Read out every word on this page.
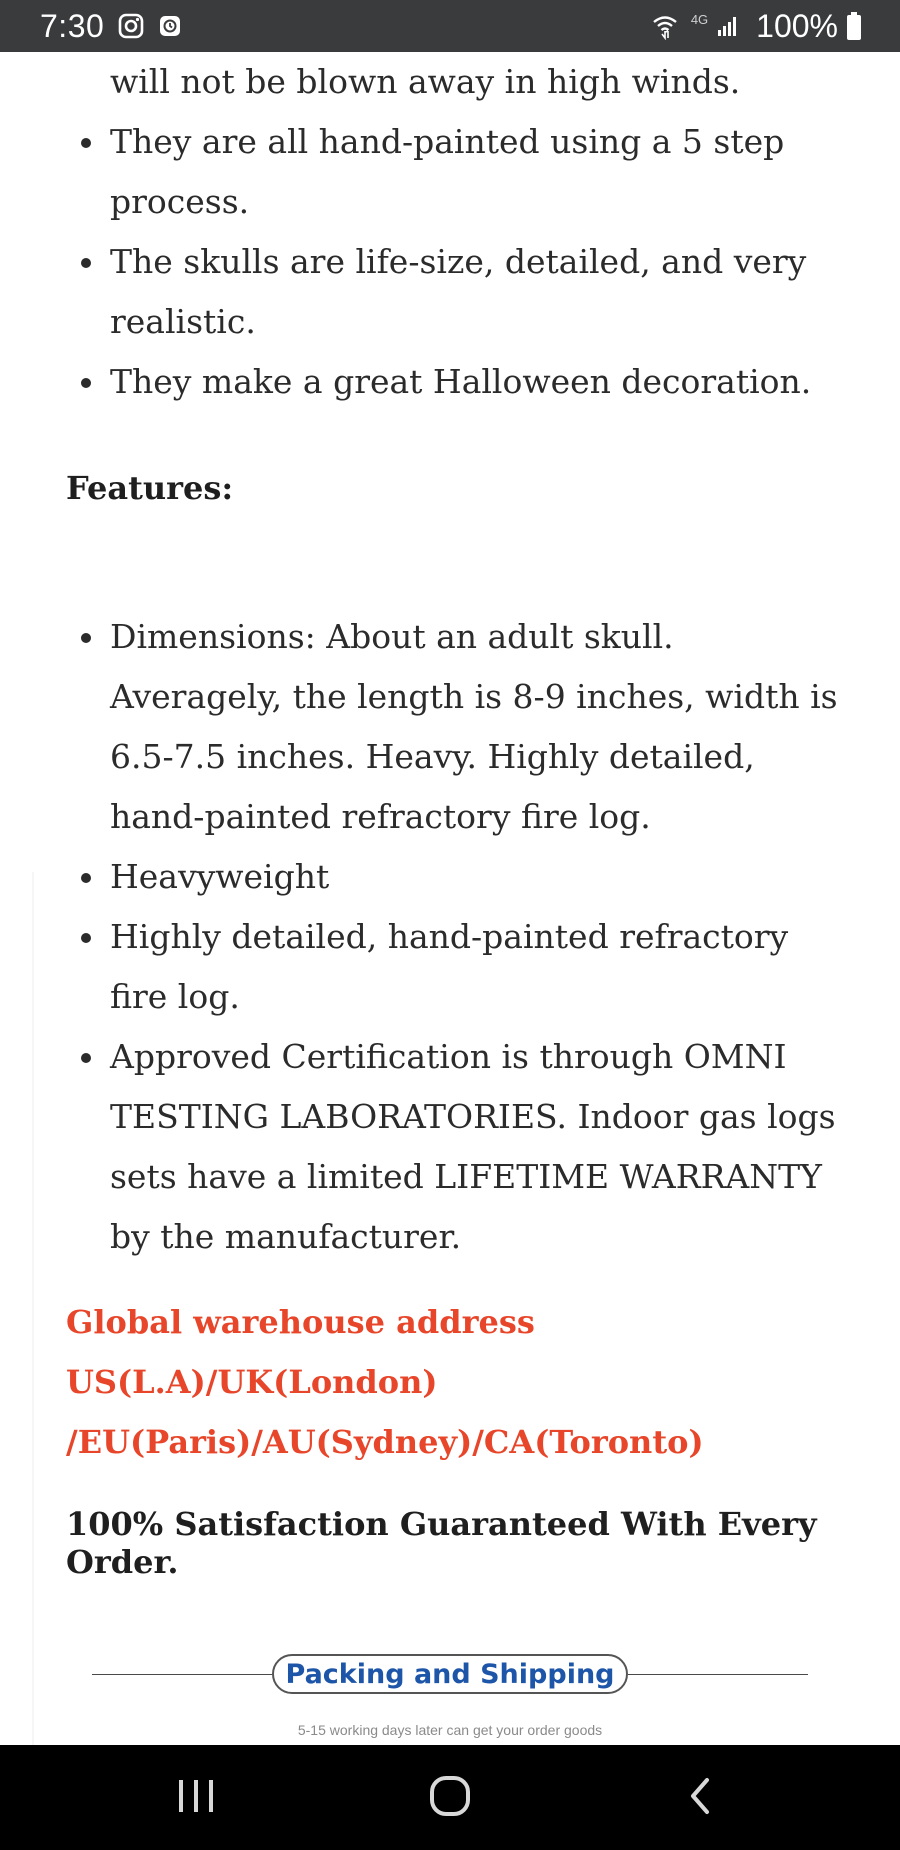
7:30	4G 100%
will not be blown away in high winds.
They are all hand-painted using a 5 step process.
The skulls are life-size, detailed, and very realistic.
They make a great Halloween decoration.
Features:
Dimensions: About an adult skull. Averagely, the length is 8-9 inches, width is 6.5-7.5 inches. Heavy. Highly detailed, hand-painted refractory fire log.
Heavyweight
Highly detailed, hand-painted refractory fire log.
Approved Certification is through OMNI TESTING LABORATORIES. Indoor gas logs sets have a limited LIFETIME WARRANTY by the manufacturer.
Global warehouse address US(L.A)/UK(London) /EU(Paris)/AU(Sydney)/CA(Toronto)
100% Satisfaction Guaranteed With Every Order.
Packing and Shipping
5-15 working days later can get your order goods
